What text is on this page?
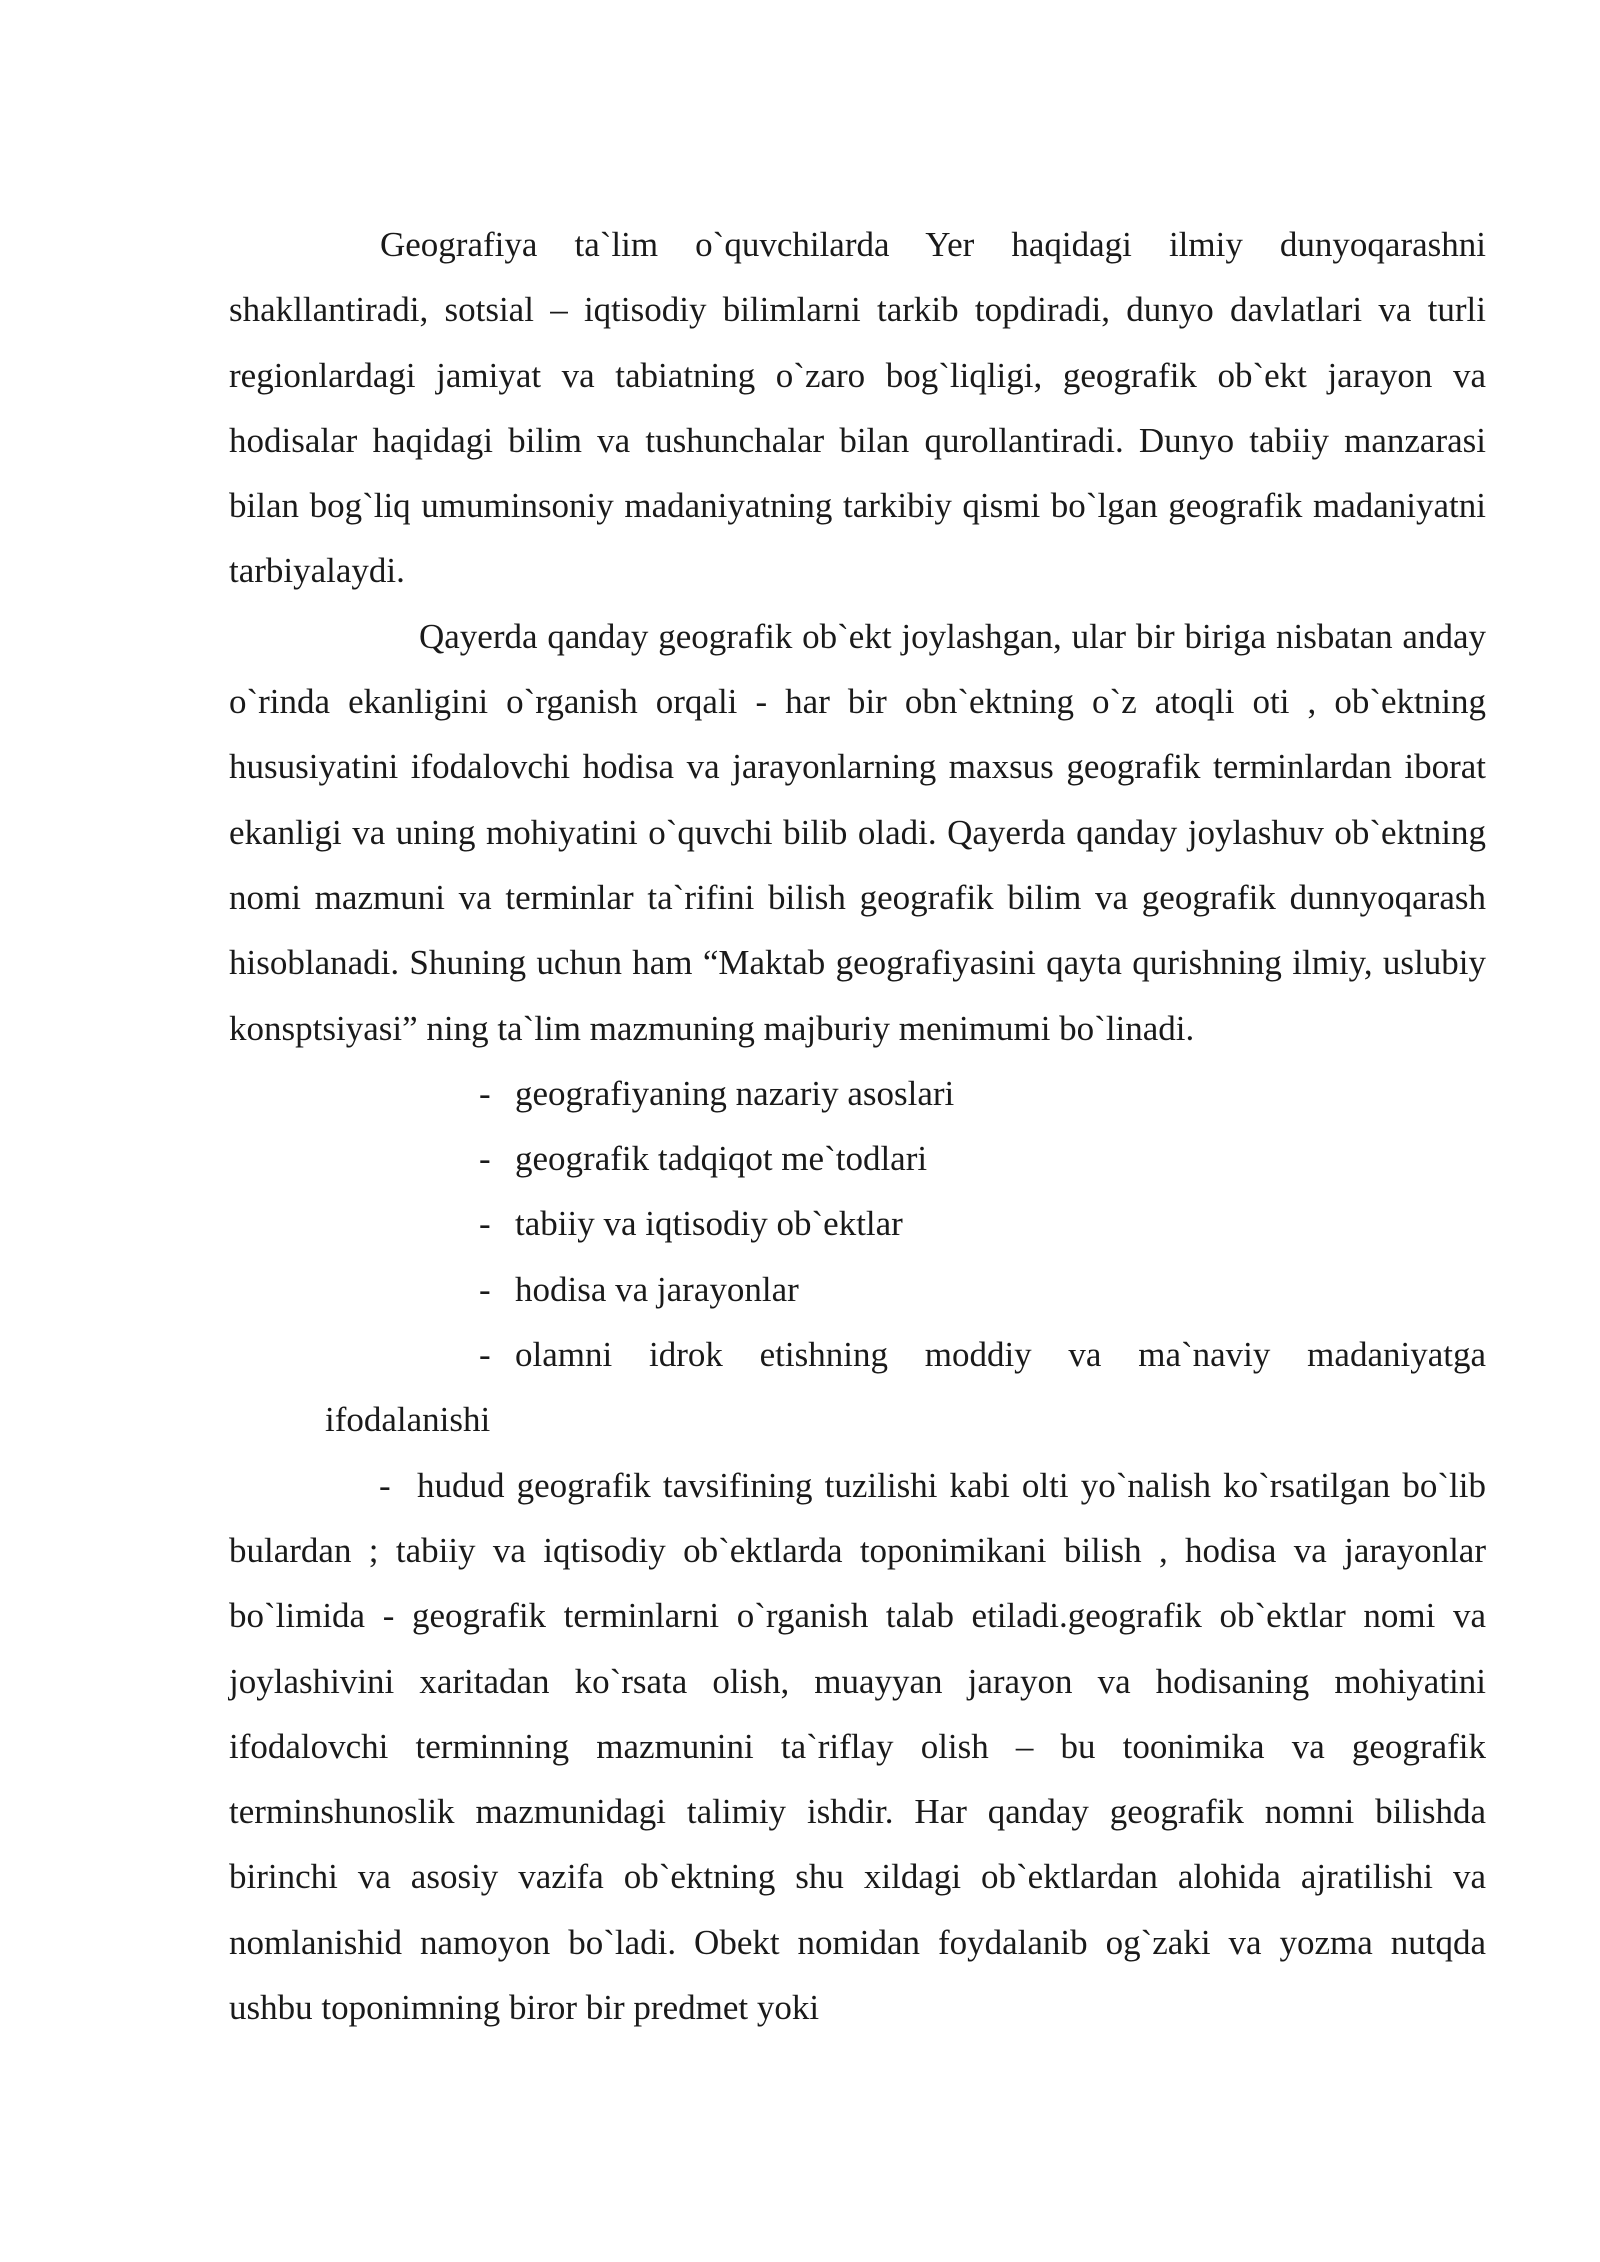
Geografiya ta`lim o`quvchilarda Yer haqidagi ilmiy dunyoqarashni shakllantiradi, sotsial – iqtisodiy bilimlarni tarkib topdiradi, dunyo davlatlari va turli regionlardagi jamiyat va tabiatning o`zaro bog`liqligi, geografik ob`ekt jarayon va hodisalar haqidagi bilim va tushunchalar bilan qurollantiradi. Dunyo tabiiy manzarasi bilan bog`liq umuminsoniy madaniyatning tarkibiy qismi bo`lgan geografik madaniyatni tarbiyalaydi.

Qayerda qanday geografik ob`ekt joylashgan, ular bir biriga nisbatan anday o`rinda ekanligini o`rganish orqali - har bir obn`ektning o`z atoqli oti , ob`ektning hususiyatini ifodalovchi hodisa va jarayonlarning maxsus geografik terminlardan iborat ekanligi va uning mohiyatini o`quvchi bilib oladi. Qayerda qanday joylashuv ob`ektning nomi mazmuni va terminlar ta`rifini bilish geografik bilim va geografik dunnyoqarash hisoblanadi. Shuning uchun ham “Maktab geografiyasini qayta qurishning ilmiy, uslubiy konsptsiyasi” ning ta`lim mazmuning majburiy menimumi bo`linadi.

- geografiyaning nazariy asoslari

- geografik tadqiqot me`todlari

- tabiiy va iqtisodiy ob`ektlar

- hodisa va jarayonlar

- olamni idrok etishning moddiy va ma`naviy madaniyatga

ifodalanishi

- hudud geografik tavsifining tuzilishi kabi olti yo`nalish ko`rsatilgan bo`lib bulardan ; tabiiy va iqtisodiy ob`ektlarda toponimikani bilish , hodisa va jarayonlar bo`limida - geografik terminlarni o`rganish talab etiladi.geografik ob`ektlar nomi va joylashivini xaritadan ko`rsata olish, muayyan jarayon va hodisaning mohiyatini ifodalovchi terminning mazmunini ta`riflay olish – bu toonimika va geografik terminshunoslik mazmunidagi talimiy ishdir. Har qanday geografik nomni bilishda birinchi va asosiy vazifa ob`ektning shu xildagi ob`ektlardan alohida ajratilishi va nomlanishid namoyon bo`ladi. Obekt nomidan foydalanib og`zaki va yozma nutqda ushbu toponimning biror bir predmet yoki
